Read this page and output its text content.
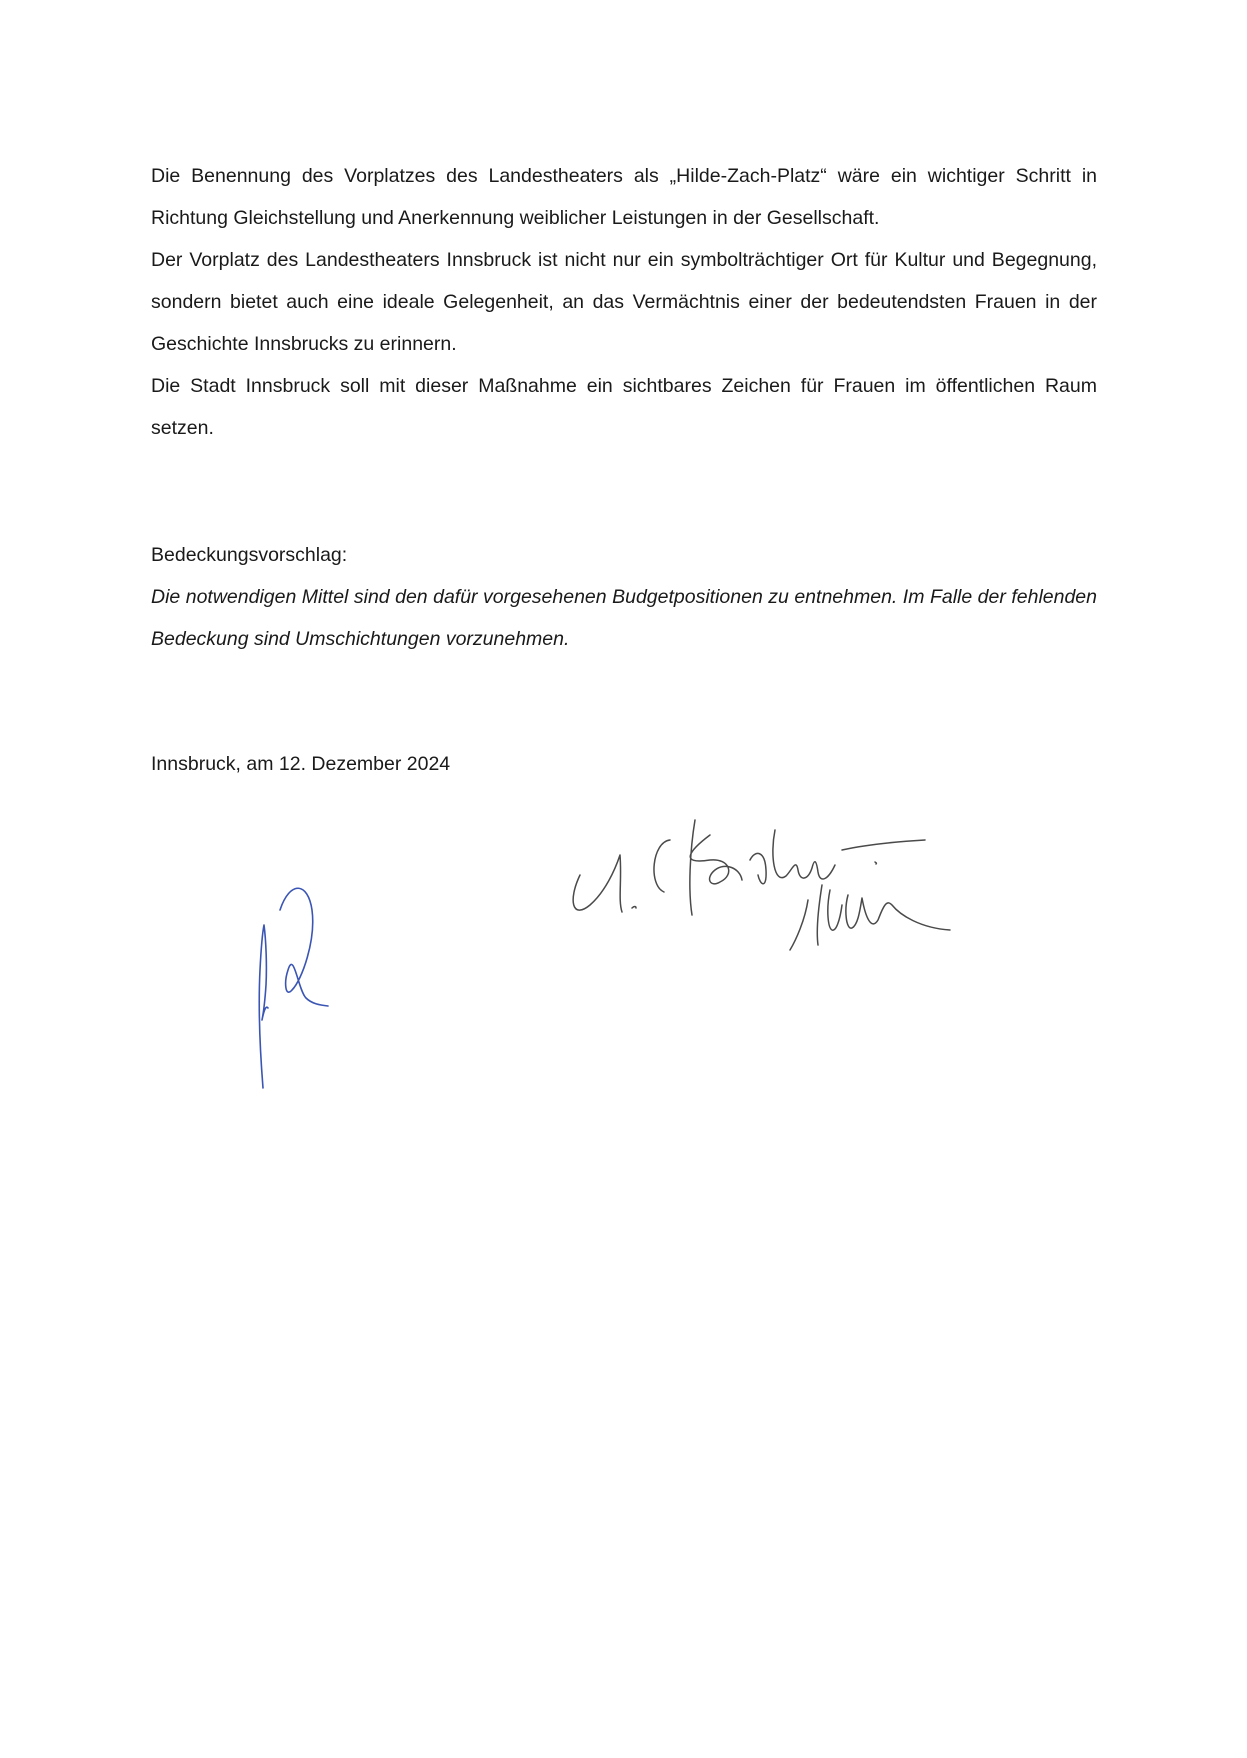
Die Benennung des Vorplatzes des Landestheaters als „Hilde-Zach-Platz“ wäre ein wichtiger Schritt in Richtung Gleichstellung und Anerkennung weiblicher Leistungen in der Gesellschaft.

Der Vorplatz des Landestheaters Innsbruck ist nicht nur ein symbolträchtiger Ort für Kultur und Begegnung, sondern bietet auch eine ideale Gelegenheit, an das Vermächtnis einer der bedeutendsten Frauen in der Geschichte Innsbrucks zu erinnern.

Die Stadt Innsbruck soll mit dieser Maßnahme ein sichtbares Zeichen für Frauen im öffentlichen Raum setzen.

Bedeckungsvorschlag:

Die notwendigen Mittel sind den dafür vorgesehenen Budgetpositionen zu entnehmen. Im Falle der fehlenden Bedeckung sind Umschichtungen vorzunehmen.

Innsbruck, am 12. Dezember 2024
